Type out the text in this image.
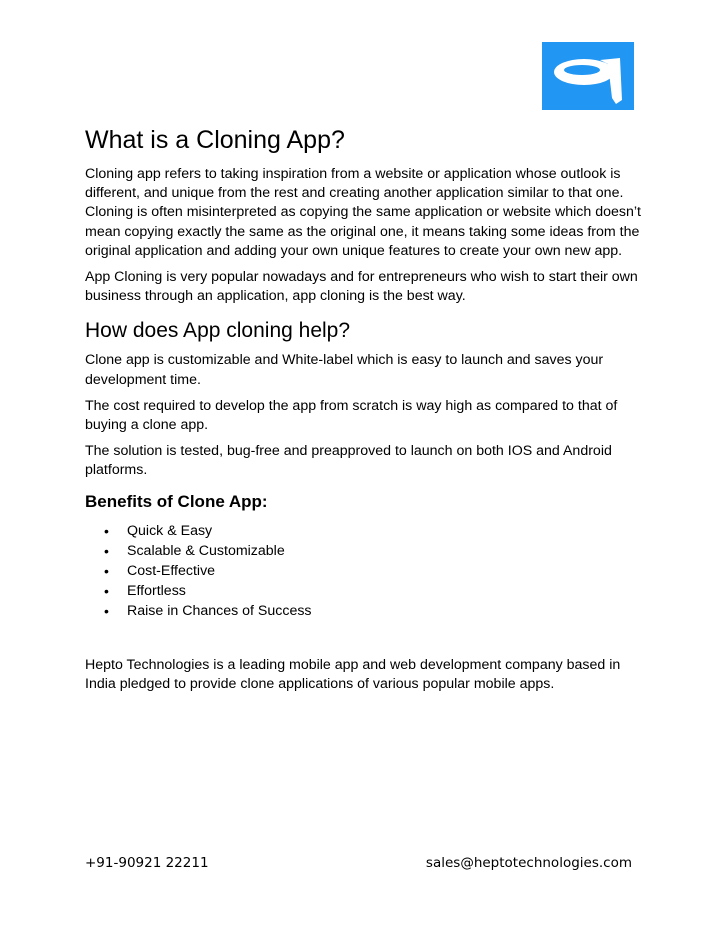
What is a Cloning App?

Cloning app refers to taking inspiration from a website or application whose outlook is different, and unique from the rest and creating another application similar to that one. Cloning is often misinterpreted as copying the same application or website which doesn’t mean copying exactly the same as the original one, it means taking some ideas from the original application and adding your own unique features to create your own new app.

App Cloning is very popular nowadays and for entrepreneurs who wish to start their own business through an application, app cloning is the best way.

How does App cloning help?

Clone app is customizable and White-label which is easy to launch and saves your development time.

The cost required to develop the app from scratch is way high as compared to that of buying a clone app.

The solution is tested, bug-free and preapproved to launch on both IOS and Android platforms.

Benefits of Clone App:
• Quick & Easy
• Scalable & Customizable
• Cost-Effective
• Effortless
• Raise in Chances of Success

Hepto Technologies is a leading mobile app and web development company based in India pledged to provide clone applications of various popular mobile apps.

+91-90921 22211	sales@heptotechnologies.com
